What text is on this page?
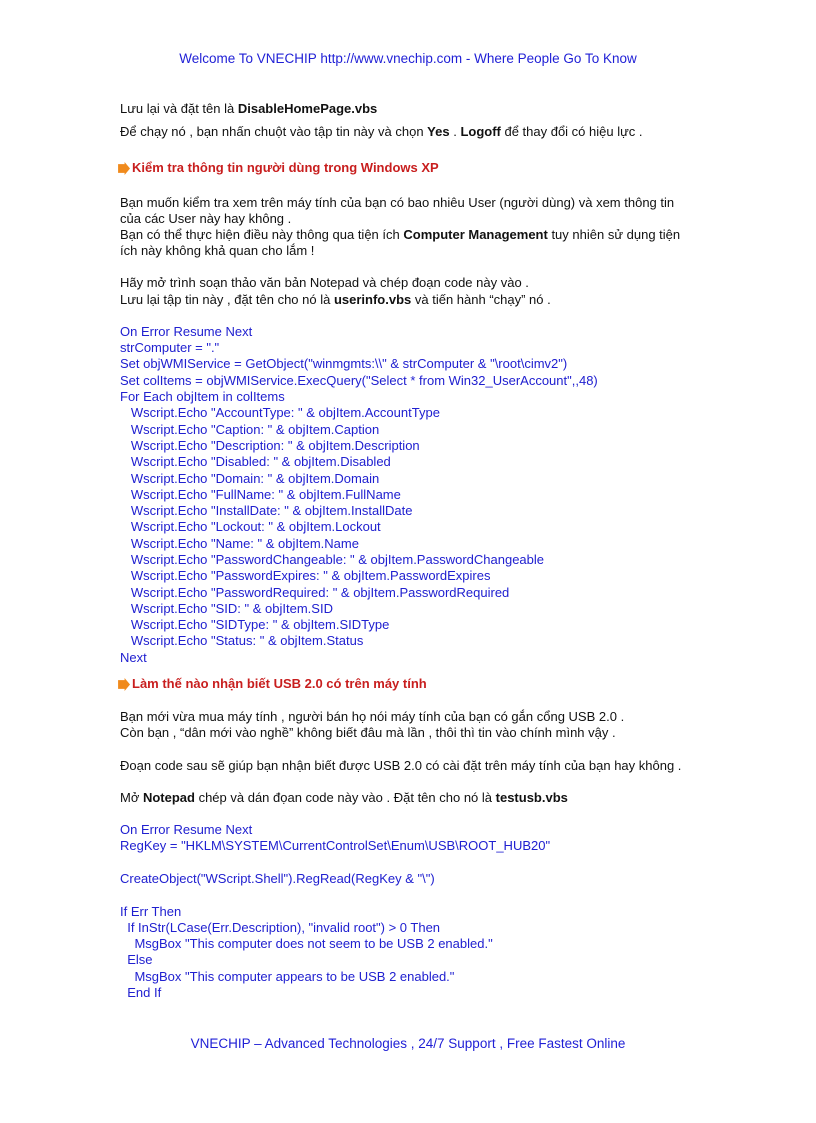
Welcome To VNECHIP http://www.vnechip.com - Where People Go To Know

Lưu lại và đặt tên là DisableHomePage.vbs

Để chạy nó , bạn nhấn chuột vào tập tin này và chọn Yes . Logoff để thay đổi có hiệu lực .

Kiểm tra thông tin người dùng trong Windows XP

Bạn muốn kiểm tra xem trên máy tính của bạn có bao nhiêu User (người dùng) và xem thông tin
của các User này hay không .
Bạn có thể thực hiện điều này thông qua tiện ích Computer Management tuy nhiên sử dụng tiện
ích này không khả quan cho lắm !

Hãy mở trình soạn thảo văn bản Notepad và chép đoạn code này vào .
Lưu lại tập tin này , đặt tên cho nó là userinfo.vbs và tiến hành “chạy” nó .

On Error Resume Next
strComputer = "."
Set objWMIService = GetObject("winmgmts:\\" & strComputer & "\root\cimv2")
Set colItems = objWMIService.ExecQuery("Select * from Win32_UserAccount",,48)
For Each objItem in colItems
Wscript.Echo "AccountType: " & objItem.AccountType
Wscript.Echo "Caption: " & objItem.Caption
Wscript.Echo "Description: " & objItem.Description
Wscript.Echo "Disabled: " & objItem.Disabled
Wscript.Echo "Domain: " & objItem.Domain
Wscript.Echo "FullName: " & objItem.FullName
Wscript.Echo "InstallDate: " & objItem.InstallDate
Wscript.Echo "Lockout: " & objItem.Lockout
Wscript.Echo "Name: " & objItem.Name
Wscript.Echo "PasswordChangeable: " & objItem.PasswordChangeable
Wscript.Echo "PasswordExpires: " & objItem.PasswordExpires
Wscript.Echo "PasswordRequired: " & objItem.PasswordRequired
Wscript.Echo "SID: " & objItem.SID
Wscript.Echo "SIDType: " & objItem.SIDType
Wscript.Echo "Status: " & objItem.Status
Next
Làm thế nào nhận biết USB 2.0 có trên máy tính

Bạn mới vừa mua máy tính , người bán họ nói máy tính của bạn có gắn cổng USB 2.0 .
Còn bạn , “dân mới vào nghề” không biết đâu mà lần , thôi thì tin vào chính mình vậy .

Đoạn code sau sẽ giúp bạn nhận biết được USB 2.0 có cài đặt trên máy tính của bạn hay không .

Mở Notepad chép và dán đọan code này vào . Đặt tên cho nó là testusb.vbs

On Error Resume Next
RegKey = "HKLM\SYSTEM\CurrentControlSet\Enum\USB\ROOT_HUB20"

CreateObject("WScript.Shell").RegRead(RegKey & "\")

If Err Then
If InStr(LCase(Err.Description), "invalid root") > 0 Then
MsgBox "This computer does not seem to be USB 2 enabled."
Else
MsgBox "This computer appears to be USB 2 enabled."
End If
VNECHIP – Advanced Technologies , 24/7 Support , Free Fastest Online
